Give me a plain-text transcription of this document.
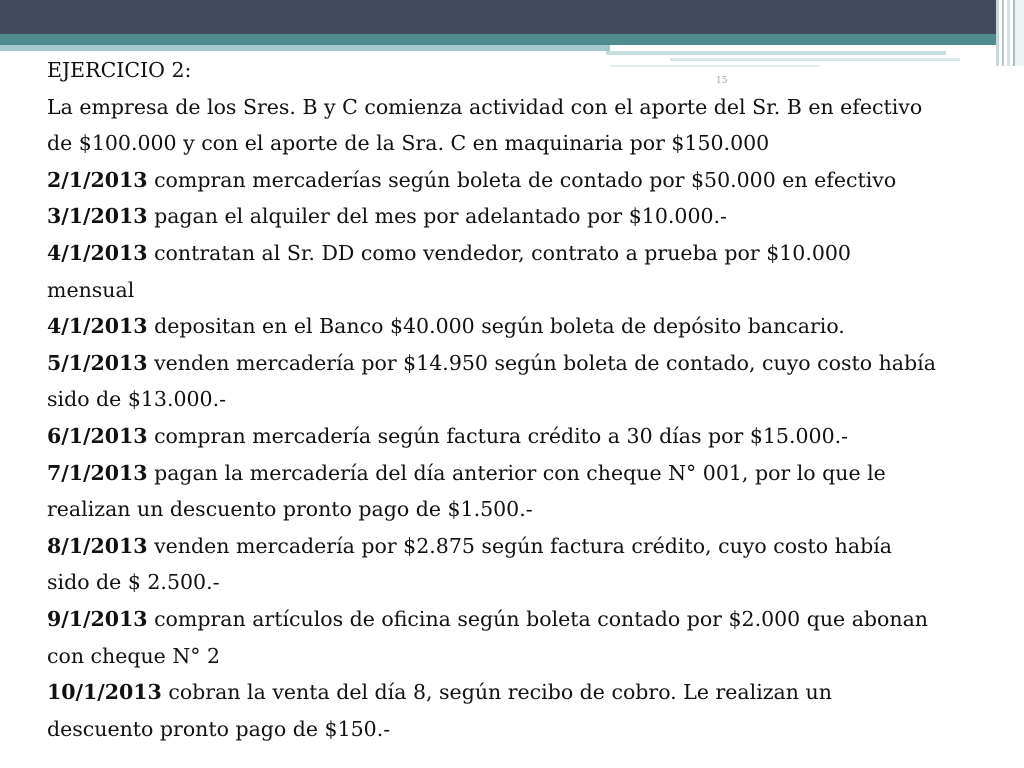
15
EJERCICIO 2:
La empresa de los Sres. B y C comienza actividad con el aporte del Sr. B en efectivo
de $100.000 y con el aporte de la Sra. C en maquinaria por $150.000
2/1/2013 compran mercaderías según boleta de contado por $50.000 en efectivo
3/1/2013 pagan el alquiler del mes por adelantado por $10.000.-
4/1/2013 contratan al Sr. DD como vendedor, contrato a prueba por $10.000
mensual
4/1/2013 depositan en el Banco $40.000 según boleta de depósito bancario.
5/1/2013 venden mercadería por $14.950 según boleta de contado, cuyo costo había
sido de $13.000.-
6/1/2013 compran mercadería según factura crédito a 30 días por $15.000.-
7/1/2013 pagan la mercadería del día anterior con cheque N° 001, por lo que le
realizan un descuento pronto pago de $1.500.-
8/1/2013 venden mercadería por $2.875 según factura crédito, cuyo costo había
sido de $ 2.500.-
9/1/2013 compran artículos de oficina según boleta contado por $2.000 que abonan
con cheque N° 2
10/1/2013 cobran la venta del día 8, según recibo de cobro. Le realizan un
descuento pronto pago de $150.-
